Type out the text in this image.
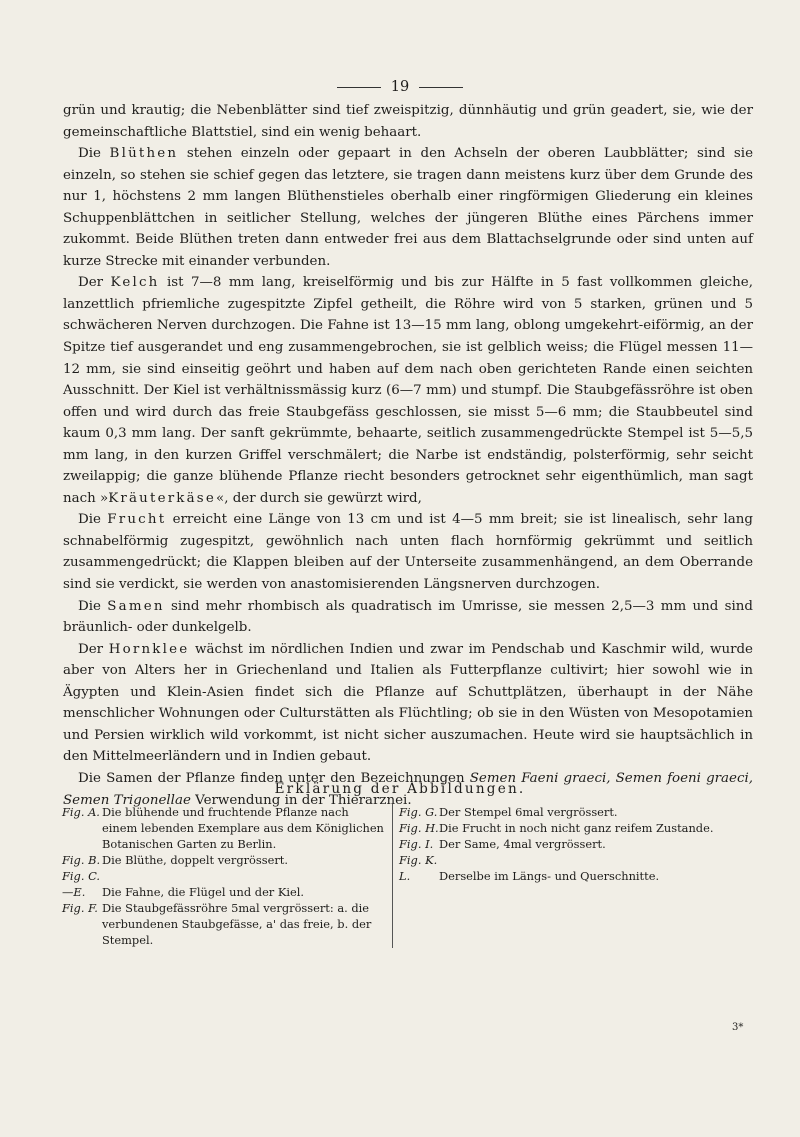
19

grün und krautig; die Nebenblätter sind tief zweispitzig, dünnhäutig und grün geadert, sie, wie der gemeinschaftliche Blattstiel, sind ein wenig behaart.

Die Blüthen stehen einzeln oder gepaart in den Achseln der oberen Laubblätter; sind sie einzeln, so stehen sie schief gegen das letztere, sie tragen dann meistens kurz über dem Grunde des nur 1, höchstens 2 mm langen Blüthenstieles oberhalb einer ringförmigen Gliederung ein kleines Schuppenblättchen in seitlicher Stellung, welches der jüngeren Blüthe eines Pärchens immer zukommt. Beide Blüthen treten dann entweder frei aus dem Blattachselgrunde oder sind unten auf kurze Strecke mit einander verbunden.

Der Kelch ist 7—8 mm lang, kreiselförmig und bis zur Hälfte in 5 fast vollkommen gleiche, lanzettlich pfriemliche zugespitzte Zipfel getheilt, die Röhre wird von 5 starken, grünen und 5 schwächeren Nerven durchzogen. Die Fahne ist 13—15 mm lang, oblong umgekehrt-eiförmig, an der Spitze tief ausgerandet und eng zusammengebrochen, sie ist gelblich weiss; die Flügel messen 11—12 mm, sie sind einseitig geöhrt und haben auf dem nach oben gerichteten Rande einen seichten Ausschnitt. Der Kiel ist verhältnissmässig kurz (6—7 mm) und stumpf. Die Staubgefässröhre ist oben offen und wird durch das freie Staubgefäss geschlossen, sie misst 5—6 mm; die Staubbeutel sind kaum 0,3 mm lang. Der sanft gekrümmte, behaarte, seitlich zusammengedrückte Stempel ist 5—5,5 mm lang, in den kurzen Griffel verschmälert; die Narbe ist endständig, polsterförmig, sehr seicht zweilappig; die ganze blühende Pflanze riecht besonders getrocknet sehr eigenthümlich, man sagt nach »Kräuterkäse«, der durch sie gewürzt wird,

Die Frucht erreicht eine Länge von 13 cm und ist 4—5 mm breit; sie ist linealisch, sehr lang schnabelförmig zugespitzt, gewöhnlich nach unten flach hornförmig gekrümmt und seitlich zusammengedrückt; die Klappen bleiben auf der Unterseite zusammenhängend, an dem Oberrande sind sie verdickt, sie werden von anastomisierenden Längsnerven durchzogen.

Die Samen sind mehr rhombisch als quadratisch im Umrisse, sie messen 2,5—3 mm und sind bräunlich- oder dunkelgelb.

Der Hornklee wächst im nördlichen Indien und zwar im Pendschab und Kaschmir wild, wurde aber von Alters her in Griechenland und Italien als Futterpflanze cultivirt; hier sowohl wie in Ägypten und Klein-Asien findet sich die Pflanze auf Schuttplätzen, überhaupt in der Nähe menschlicher Wohnungen oder Culturstätten als Flüchtling; ob sie in den Wüsten von Mesopotamien und Persien wirklich wild vorkommt, ist nicht sicher auszumachen. Heute wird sie hauptsächlich in den Mittelmeerländern und in Indien gebaut.

Die Samen der Pflanze finden unter den Bezeichnungen Semen Faeni graeci, Semen foeni graeci, Semen Trigonellae Verwendung in der Thierarznei.

Erklärung der Abbildungen.
Fig. A. Die blühende und fruchtende Pflanze nach einem lebenden Exemplare aus dem Königlichen Botanischen Garten zu Berlin.
Fig. B. Die Blüthe, doppelt vergrössert.
Fig. C.—E. Die Fahne, die Flügel und der Kiel.
Fig. F. Die Staubgefässröhre 5mal vergrössert: a. die verbundenen Staubgefässe, a' das freie, b. der Stempel.
Fig. G. Der Stempel 6mal vergrössert.
Fig. H.Die Frucht in noch nicht ganz reifem Zustande.
Fig. I. Der Same, 4mal vergrössert.
Fig. K. L.	Derselbe im Längs- und Querschnitte.
3*
